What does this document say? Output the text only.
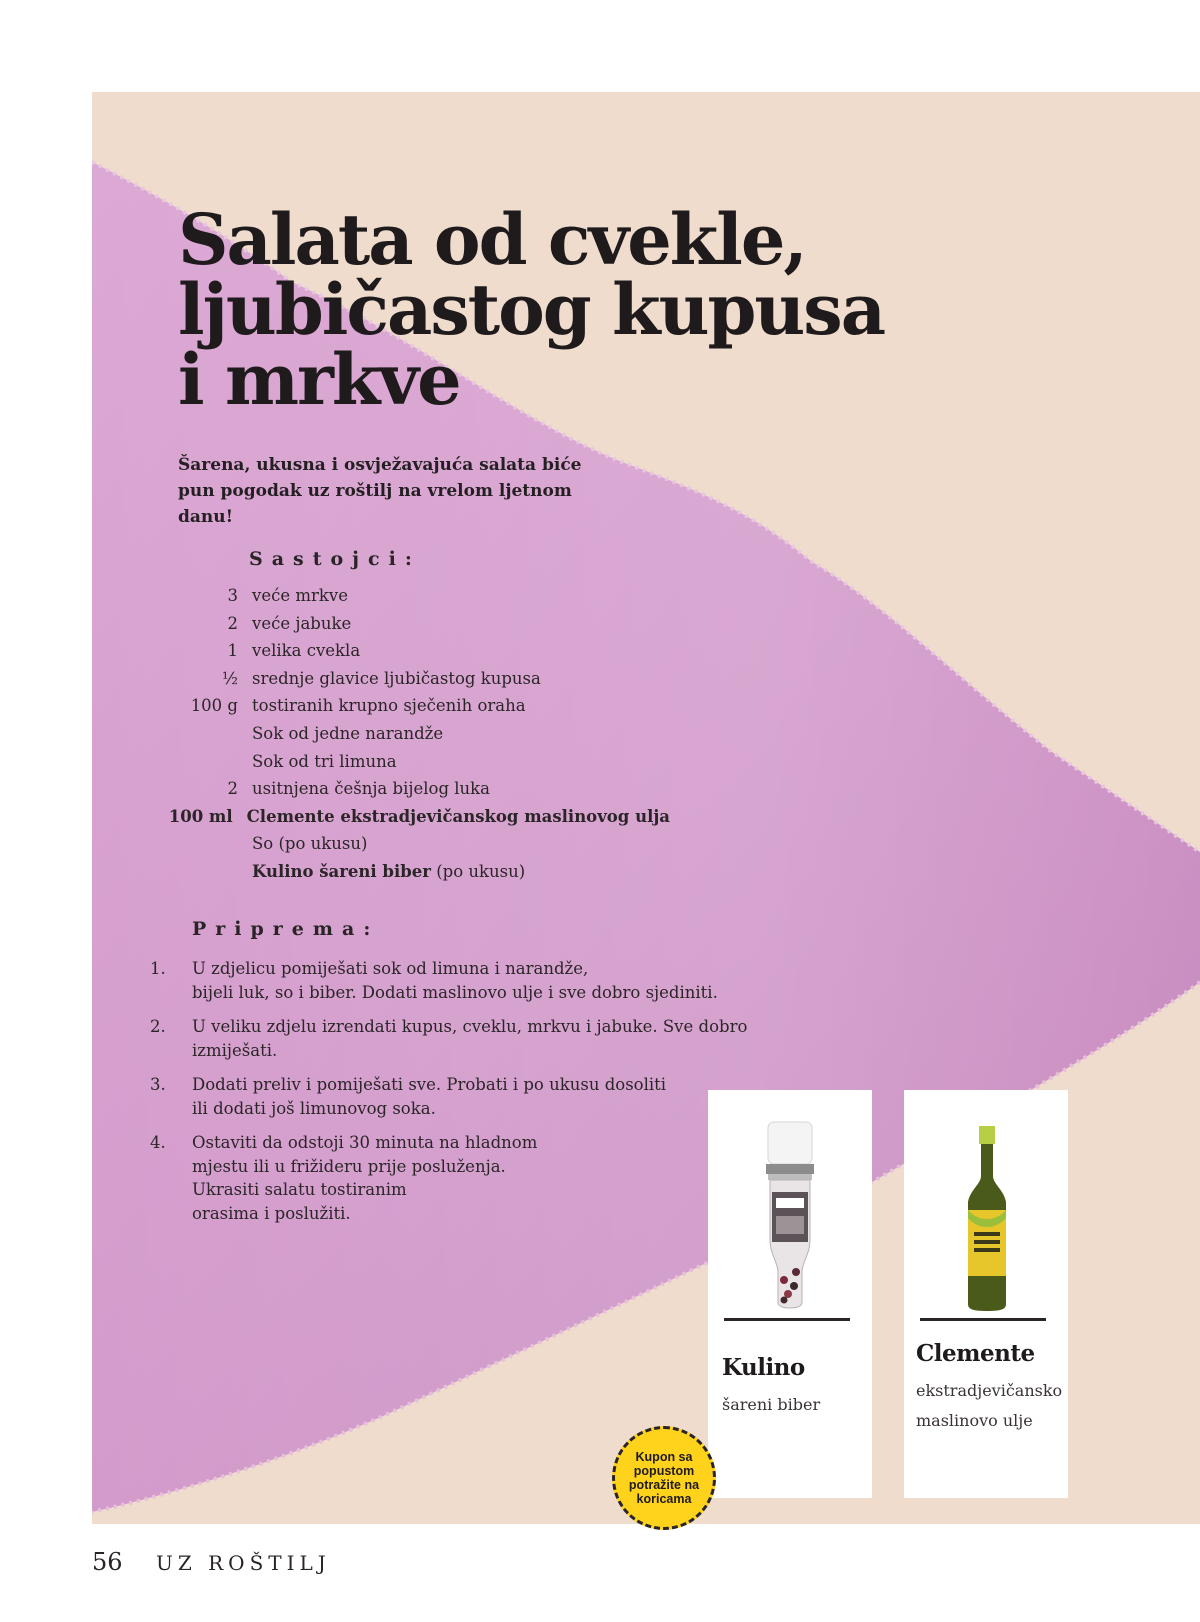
Salata od cvekle,
ljubičastog kupusa
i mrkve
Šarena, ukusna i osvježavajuća salata biće pun pogodak uz roštilj na vrelom ljetnom danu!
Sastojci:
3 veće mrkve
2 veće jabuke
1 velika cvekla
½ srednje glavice ljubičastog kupusa
100 g tostiranih krupno sječenih oraha
Sok od jedne narandže
Sok od tri limuna
2 usitnjena češnja bijelog luka
100 ml Clemente ekstradjevičanskog maslinovog ulja
So (po ukusu)
Kulino šareni biber (po ukusu)
Priprema:
1.	U zdjelicu pomiješati sok od limuna i narandže,
bijeli luk, so i biber. Dodati maslinovo ulje i sve dobro sjediniti.
2.	U veliku zdjelu izrendati kupus, cveklu, mrkvu i jabuke. Sve dobro
izmiješati.
3.	Dodati preliv i pomiješati sve. Probati i po ukusu dosoliti
ili dodati još limunovog soka.
4.	Ostaviti da odstoji 30 minuta na hladnom
mjestu ili u frižideru prije posluženja.
Ukrasiti salatu tostiranim
orasima i poslužiti.
Kulino
šareni biber
Clemente
ekstradjevičansko
maslinovo ulje
Kupon sa
popustom
potražite na
koricama
56 UZ ROŠTILJ
